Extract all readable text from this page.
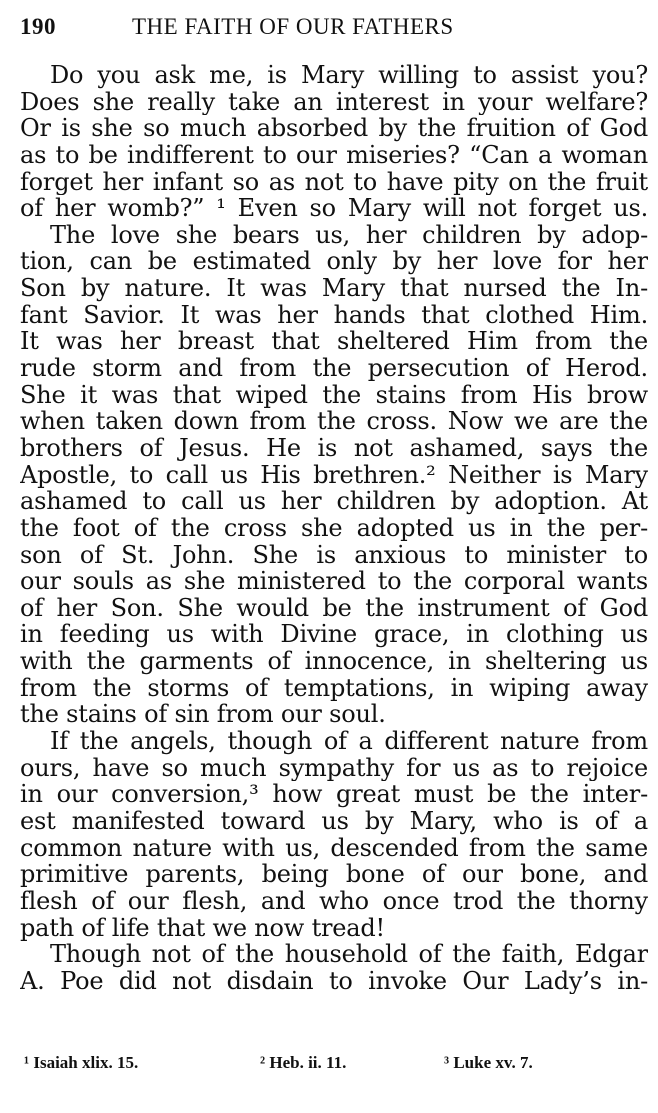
190	THE FAITH OF OUR FATHERS
Do you ask me, is Mary willing to assist you?
Does she really take an interest in your welfare?
Or is she so much absorbed by the fruition of God
as to be indifferent to our miseries? “Can a woman
forget her infant so as not to have pity on the fruit
of her womb?” ¹ Even so Mary will not forget us.
The love she bears us, her children by adop-
tion, can be estimated only by her love for her
Son by nature. It was Mary that nursed the In-
fant Savior. It was her hands that clothed Him.
It was her breast that sheltered Him from the
rude storm and from the persecution of Herod.
She it was that wiped the stains from His brow
when taken down from the cross. Now we are the
brothers of Jesus. He is not ashamed, says the
Apostle, to call us His brethren.² Neither is Mary
ashamed to call us her children by adoption. At
the foot of the cross she adopted us in the per-
son of St. John. She is anxious to minister to
our souls as she ministered to the corporal wants
of her Son. She would be the instrument of God
in feeding us with Divine grace, in clothing us
with the garments of innocence, in sheltering us
from the storms of temptations, in wiping away
the stains of sin from our soul.
If the angels, though of a different nature from
ours, have so much sympathy for us as to rejoice
in our conversion,³ how great must be the inter-
est manifested toward us by Mary, who is of a
common nature with us, descended from the same
primitive parents, being bone of our bone, and
flesh of our flesh, and who once trod the thorny
path of life that we now tread!
Though not of the household of the faith, Edgar
A. Poe did not disdain to invoke Our Lady’s in-
¹ Isaiah xlix. 15.	² Heb. ii. 11.	³ Luke xv. 7.
